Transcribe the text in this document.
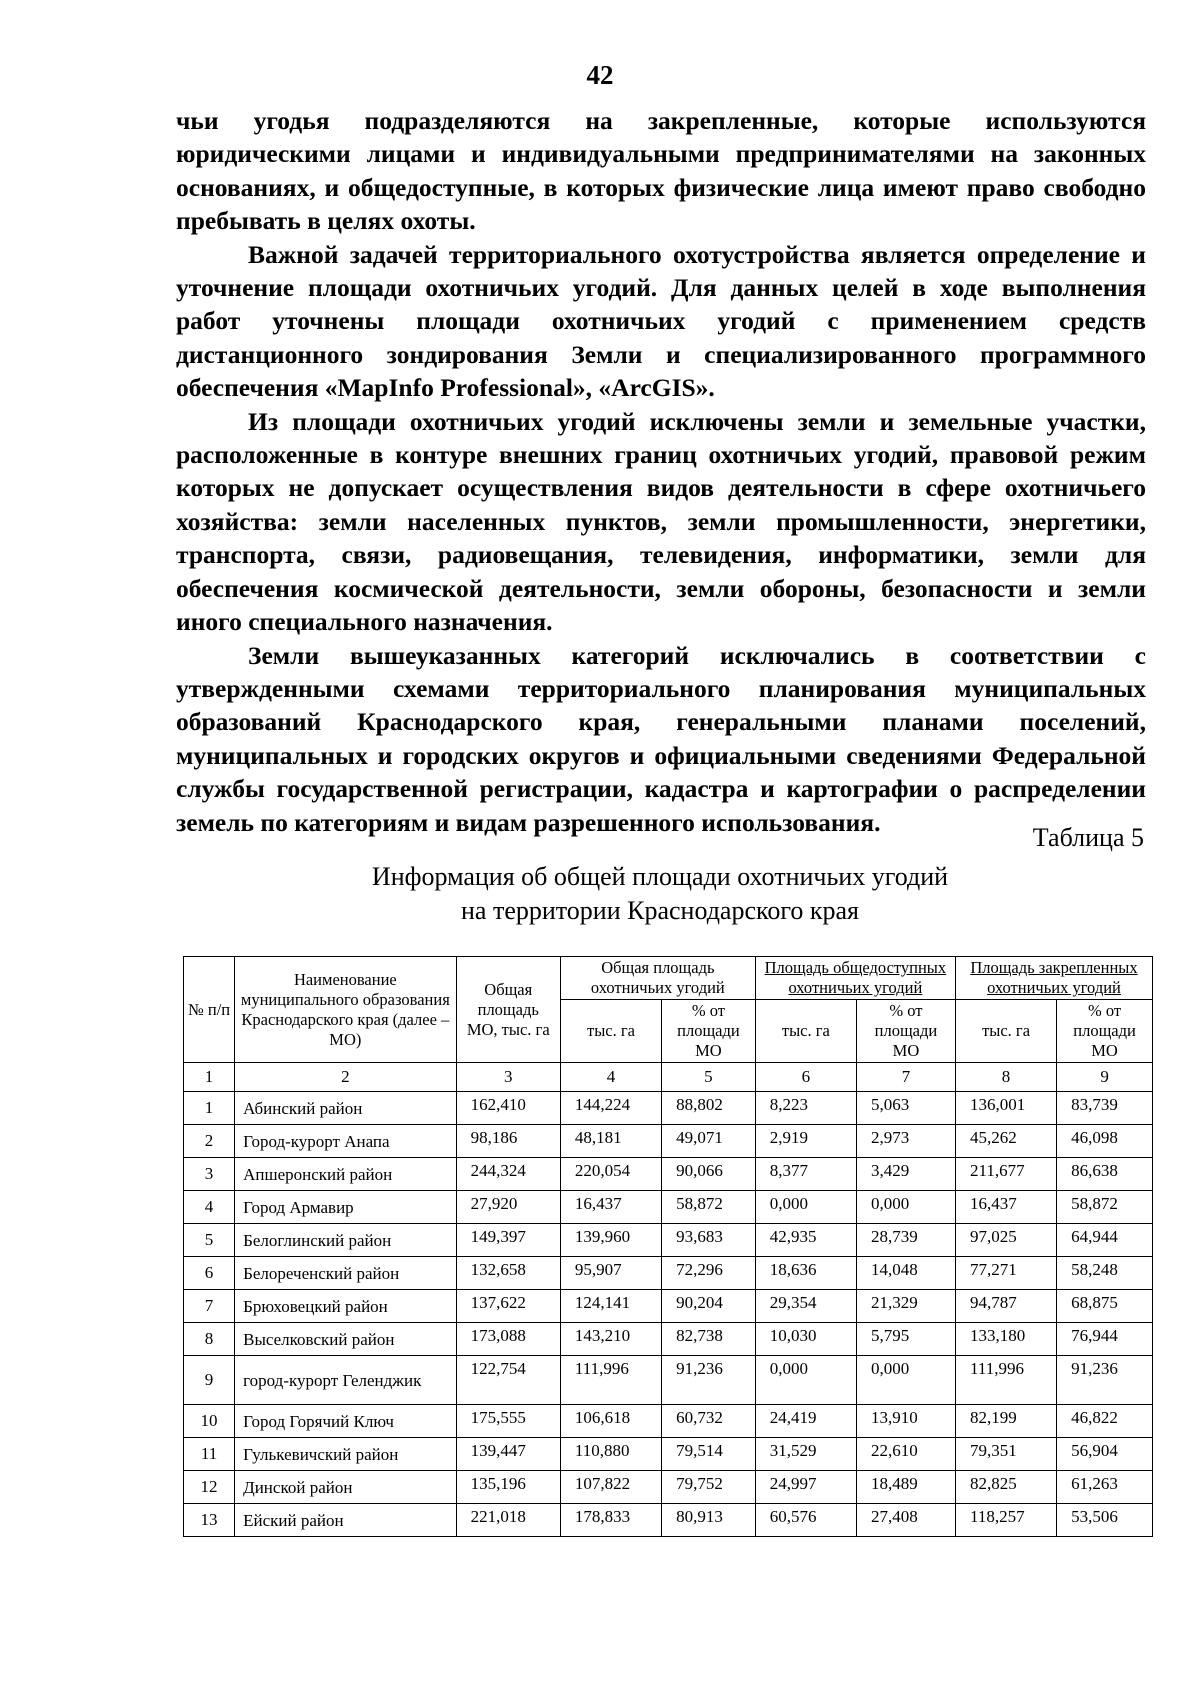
42

чьи угодья подразделяются на закрепленные, которые используются юридическими лицами и индивидуальными предпринимателями на законных основаниях, и общедоступные, в которых физические лица имеют право свободно пребывать в целях охоты.

Важной задачей территориального охотустройства является определение и уточнение площади охотничьих угодий. Для данных целей в ходе выполнения работ уточнены площади охотничьих угодий с применением средств дистанционного зондирования Земли и специализированного программного обеспечения «MapInfo Professional», «ArcGIS».

Из площади охотничьих угодий исключены земли и земельные участки, расположенные в контуре внешних границ охотничьих угодий, правовой режим которых не допускает осуществления видов деятельности в сфере охотничьего хозяйства: земли населенных пунктов, земли промышленности, энергетики, транспорта, связи, радиовещания, телевидения, информатики, земли для обеспечения космической деятельности, земли обороны, безопасности и земли иного специального назначения.

Земли вышеуказанных категорий исключались в соответствии с утвержденными схемами территориального планирования муниципальных образований Краснодарского края, генеральными планами поселений, муниципальных и городских округов и официальными сведениями Федеральной службы государственной регистрации, кадастра и картографии о распределении земель по категориям и видам разрешенного использования.

Таблица 5
Информация об общей площади охотничьих угодий
на территории Краснодарского края
№ п/п	Наименование муниципального образования Краснодарского края (далее – МО)	Общая площадь МО, тыс. га	Общая площадь охотничьих угодий		Площадь общедоступных охотничьих угодий		Площадь закрепленных охотничьих угодий	
			тыс. га	% от площади МО	тыс. га	% от площади МО	тыс. га	% от площади МО
1	2	3	4	5	6	7	8	9
1	Абинский район	162,410	144,224	88,802	8,223	5,063	136,001	83,739
2	Город-курорт Анапа	98,186	48,181	49,071	2,919	2,973	45,262	46,098
3	Апшеронский район	244,324	220,054	90,066	8,377	3,429	211,677	86,638
4	Город Армавир	27,920	16,437	58,872	0,000	0,000	16,437	58,872
5	Белоглинский район	149,397	139,960	93,683	42,935	28,739	97,025	64,944
6	Белореченский район	132,658	95,907	72,296	18,636	14,048	77,271	58,248
7	Брюховецкий район	137,622	124,141	90,204	29,354	21,329	94,787	68,875
8	Выселковский район	173,088	143,210	82,738	10,030	5,795	133,180	76,944
9	город-курорт Геленджик	122,754	111,996	91,236	0,000	0,000	111,996	91,236
10	Город Горячий Ключ	175,555	106,618	60,732	24,419	13,910	82,199	46,822
11	Гулькевичский район	139,447	110,880	79,514	31,529	22,610	79,351	56,904
12	Динской район	135,196	107,822	79,752	24,997	18,489	82,825	61,263
13	Ейский район	221,018	178,833	80,913	60,576	27,408	118,257	53,506
